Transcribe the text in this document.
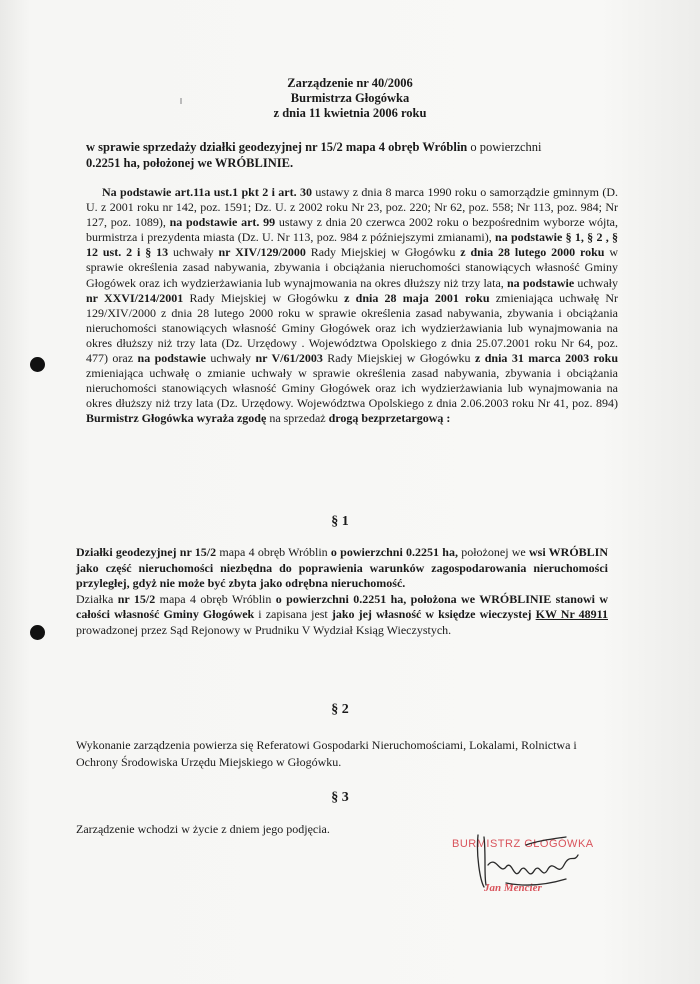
Zarządzenie nr 40/2006
Burmistrza Głogówka
z dnia 11 kwietnia 2006 roku
w sprawie sprzedaży działki geodezyjnej nr 15/2 mapa 4 obręb Wróblin o powierzchni
0.2251 ha, położonej we WRÓBLINIE.
Na podstawie art.11a ust.1 pkt 2 i art. 30 ustawy z dnia 8 marca 1990 roku o samorządzie gminnym (D. U. z 2001 roku nr 142, poz. 1591; Dz. U. z 2002 roku Nr 23, poz. 220; Nr 62, poz. 558; Nr 113, poz. 984; Nr 127, poz. 1089), na podstawie art. 99 ustawy z dnia 20 czerwca 2002 roku o bezpośrednim wyborze wójta, burmistrza i prezydenta miasta (Dz. U. Nr 113, poz. 984 z późniejszymi zmianami), na podstawie § 1, § 2 , § 12 ust. 2 i § 13 uchwały nr XIV/129/2000 Rady Miejskiej w Głogówku z dnia 28 lutego 2000 roku w sprawie określenia zasad nabywania, zbywania i obciążania nieruchomości stanowiących własność Gminy Głogówek oraz ich wydzierżawiania lub wynajmowania na okres dłuższy niż trzy lata, na podstawie uchwały nr XXVI/214/2001 Rady Miejskiej w Głogówku z dnia 28 maja 2001 roku zmieniająca uchwałę Nr 129/XIV/2000 z dnia 28 lutego 2000 roku w sprawie określenia zasad nabywania, zbywania i obciążania nieruchomości stanowiących własność Gminy Głogówek oraz ich wydzierżawiania lub wynajmowania na okres dłuższy niż trzy lata (Dz. Urzędowy . Województwa Opolskiego z dnia 25.07.2001 roku Nr 64, poz. 477) oraz na podstawie uchwały nr V/61/2003 Rady Miejskiej w Głogówku z dnia 31 marca 2003 roku zmieniająca uchwałę o zmianie uchwały w sprawie określenia zasad nabywania, zbywania i obciążania nieruchomości stanowiących własność Gminy Głogówek oraz ich wydzierżawiania lub wynajmowania na okres dłuższy niż trzy lata (Dz. Urzędowy. Województwa Opolskiego z dnia 2.06.2003 roku Nr 41, poz. 894) Burmistrz Głogówka wyraża zgodę na sprzedaż drogą bezprzetargową :
§ 1

Działki geodezyjnej nr 15/2 mapa 4 obręb Wróblin o powierzchni 0.2251 ha, położonej we wsi WRÓBLIN jako część nieruchomości niezbędna do poprawienia warunków zagospodarowania nieruchomości przyległej, gdyż nie może być zbyta jako odrębna nieruchomość.

Działka nr 15/2 mapa 4 obręb Wróblin o powierzchni 0.2251 ha, położona we WRÓBLINIE stanowi w całości własność Gminy Głogówek i zapisana jest jako jej własność w księdze wieczystej KW Nr 48911 prowadzonej przez Sąd Rejonowy w Prudniku V Wydział Ksiąg Wieczystych.

§ 2
Wykonanie zarządzenia powierza się Referatowi Gospodarki Nieruchomościami, Lokalami, Rolnictwa i Ochrony Środowiska Urzędu Miejskiego w Głogówku.
§ 3
Zarządzenie wchodzi w życie z dniem jego podjęcia.
BURMISTRZ GŁOGÓWKA
Jan Mencier
